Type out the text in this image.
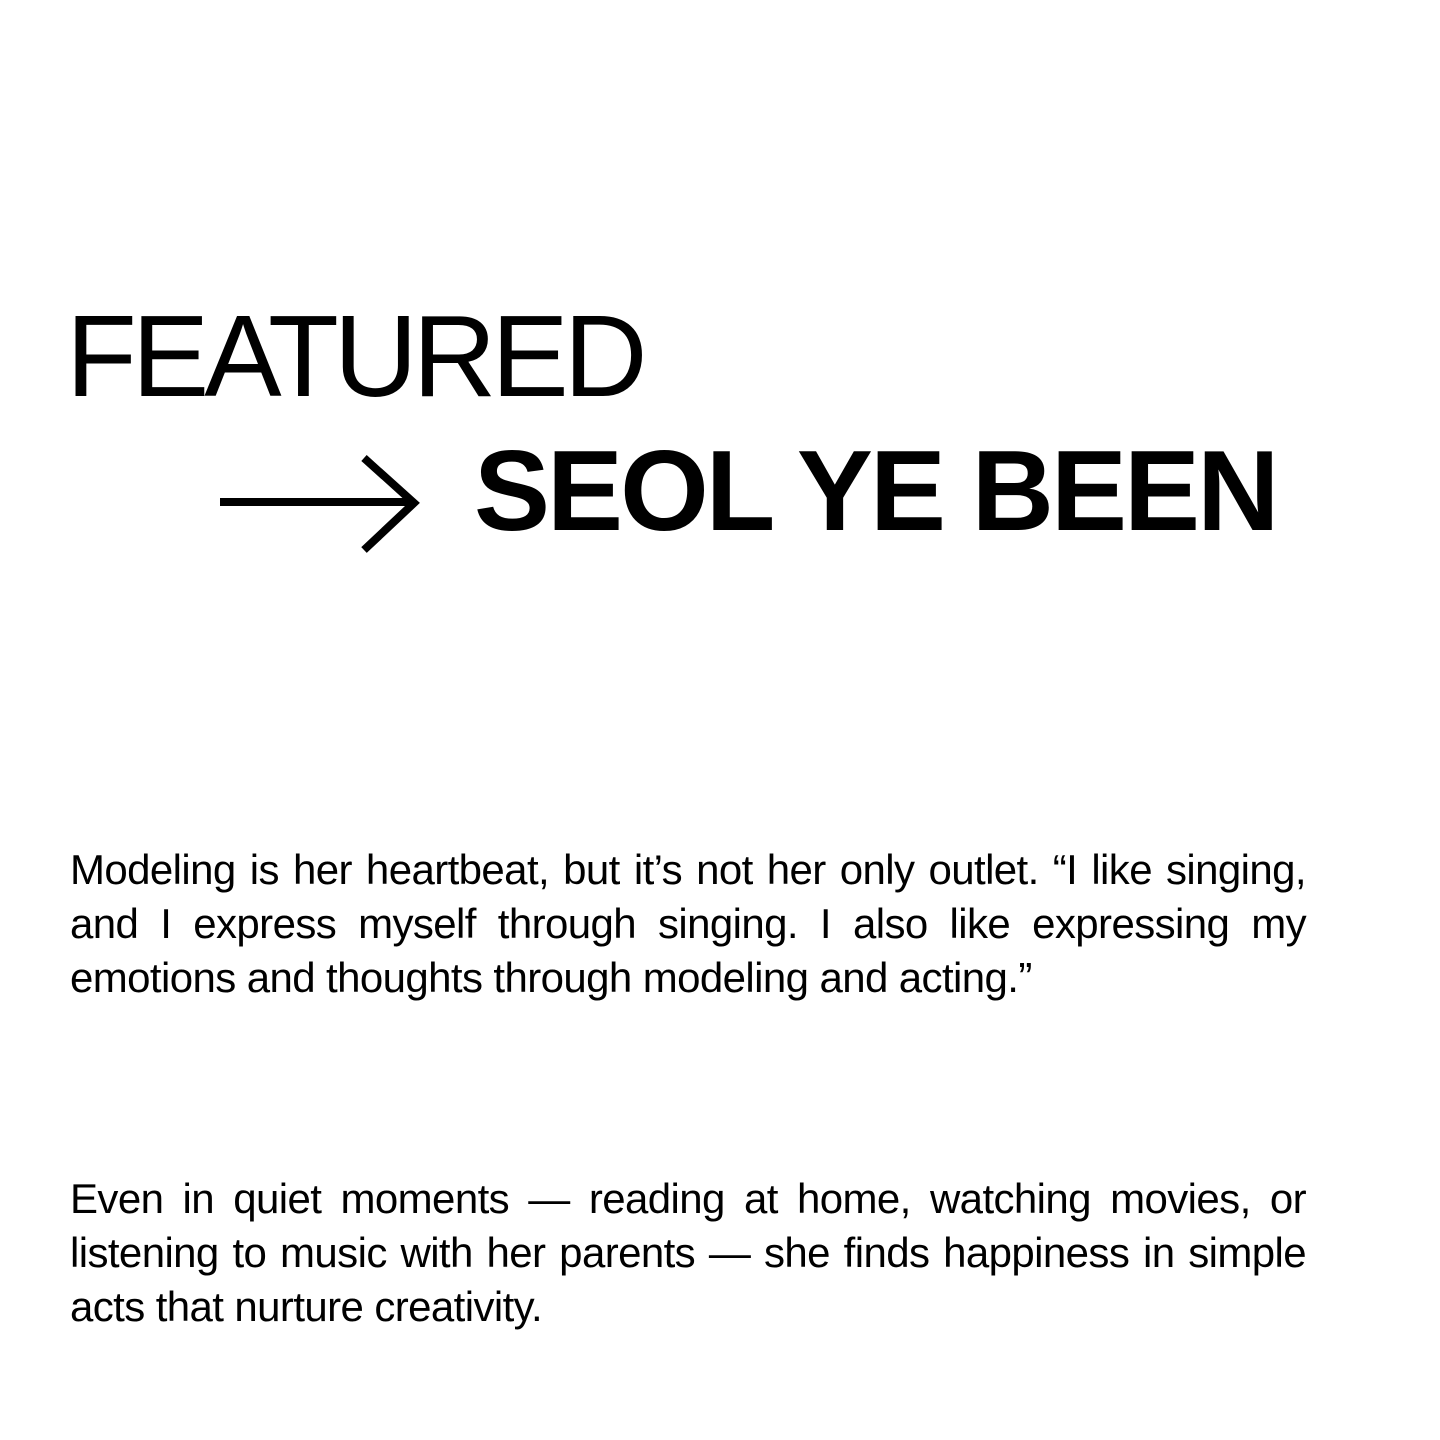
FEATURED
SEOL YE BEEN

Modeling is her heartbeat, but it’s not her only outlet. “I like singing, and I express myself through singing. I also like expressing my emotions and thoughts through modeling and acting.”

Even in quiet moments — reading at home, watching movies, or listening to music with her parents — she finds happiness in simple acts that nurture creativity.
